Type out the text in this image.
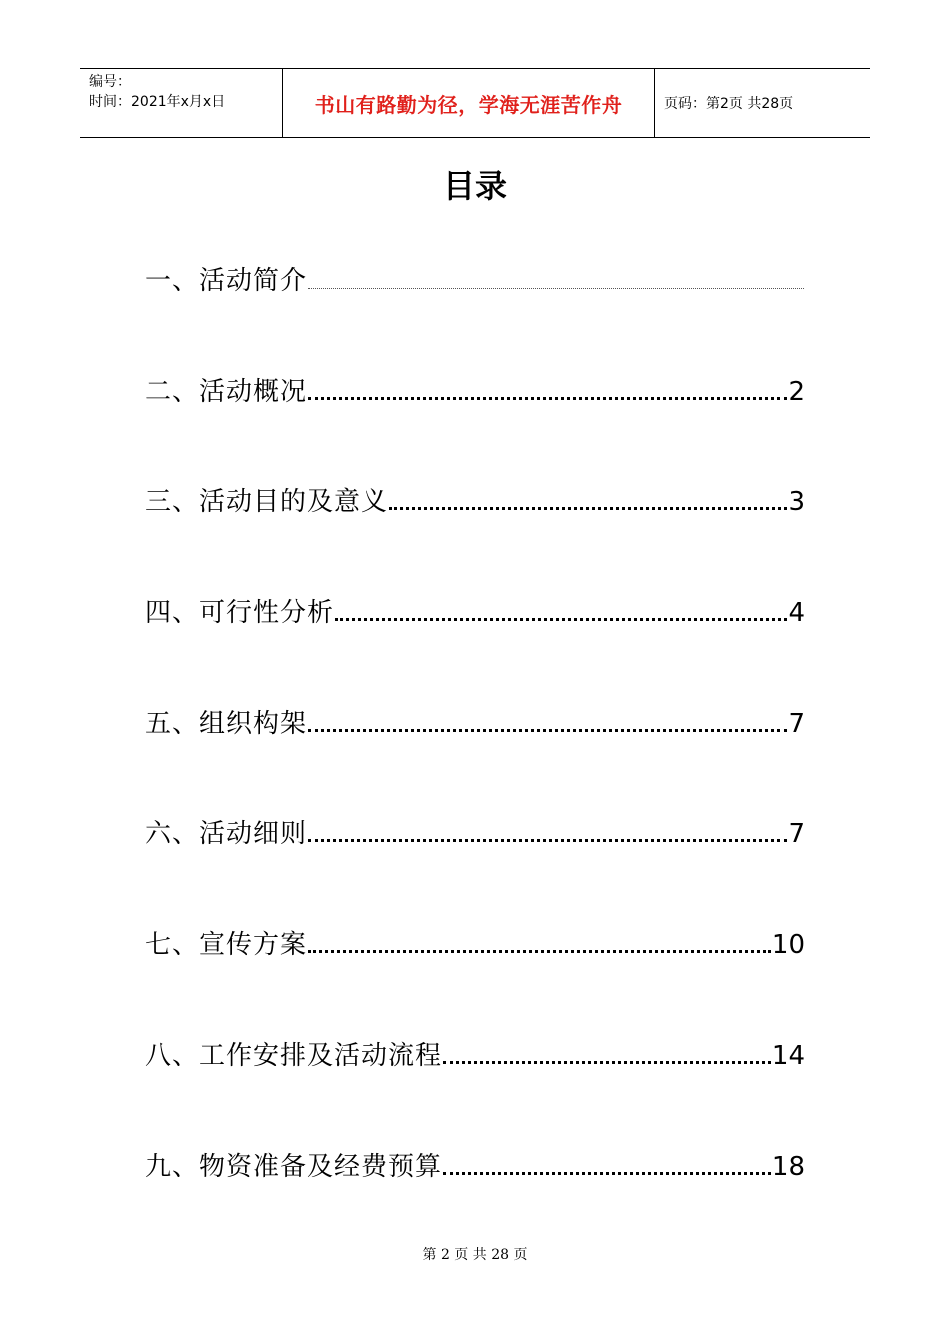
编号：
时间：2021年x月x日	书山有路勤为径，学海无涯苦作舟	页码：第2页 共28页
目录
一、活动简介
二、活动概况	2
三、活动目的及意义	3
四、可行性分析	4
五、组织构架	7
六、活动细则	7
七、宣传方案	10
八、工作安排及活动流程	14
九、物资准备及经费预算	18
第 2 页 共 28 页
